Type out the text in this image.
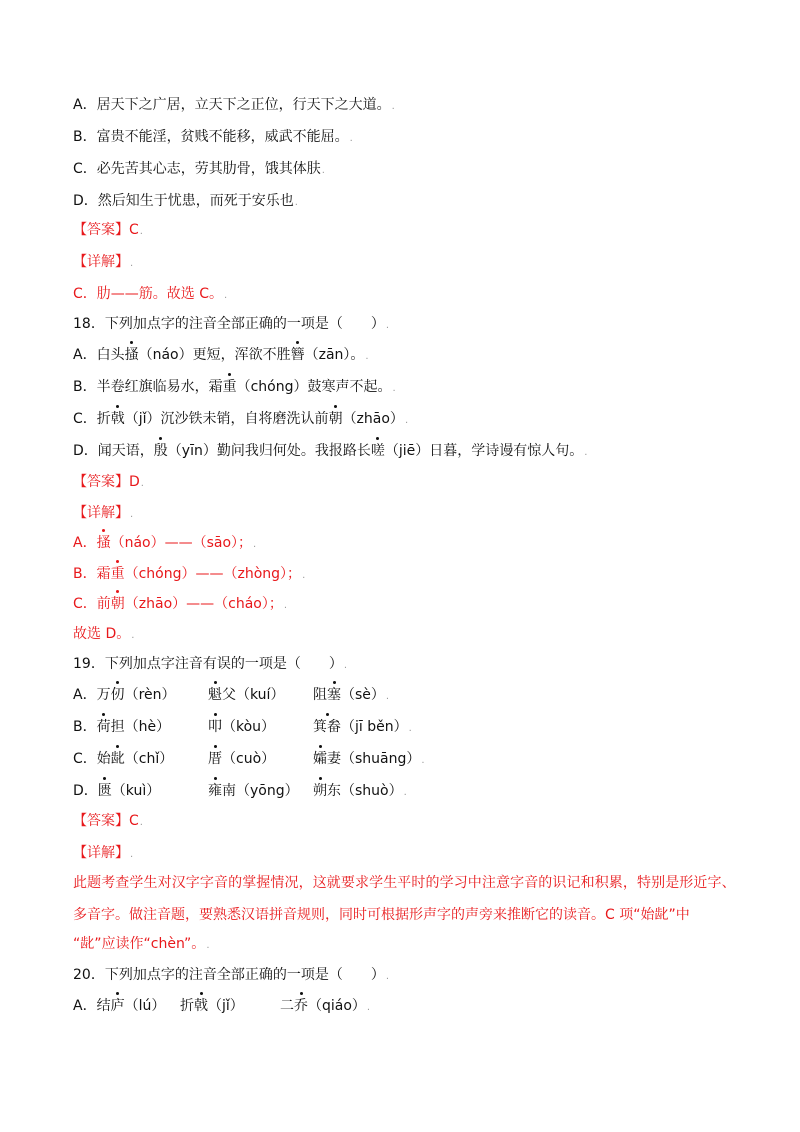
A．居天下之广居，立天下之正位，行天下之大道。.
B．富贵不能淫，贫贱不能移，威武不能屈。.
C．必先苦其心志，劳其肋骨，饿其体肤.
D．然后知生于忧患，而死于安乐也.
【答案】C.
【详解】.
C．肋——筋。故选 C。.
18．下列加点字的注音全部正确的一项是（　　）.
A．白头搔（náo）更短，浑欲不胜簪（zān）。.
B．半卷红旗临易水，霜重（chóng）鼓寒声不起。.
C．折戟（jǐ）沉沙铁未销，自将磨洗认前朝（zhāo）.
D．闻天语，殷（yīn）勤问我归何处。我报路长嗟（jiē）日暮，学诗谩有惊人句。.
【答案】D.
【详解】.
A．搔（náo）——（sāo）；.
B．霜重（chóng）——（zhòng）；.
C．前朝（zhāo）——（cháo）；.
故选 D。.
19．下列加点字注音有误的一项是（　　）.
A．万仞（rèn） 魁父（kuí） 阻塞（sè）.
B．荷担（hè）	叩（kòu）	箕畚（jī běn）.
C．始龀（chǐ） 厝（cuò）	孀妻（shuāng）.
D．匮（kuì）	雍南（yōng） 朔东（shuò）.
【答案】C.
【详解】.
此题考查学生对汉字字音的掌握情况，这就要求学生平时的学习中注意字音的识记和积累，特别是形近字、
多音字。做注音题，要熟悉汉语拼音规则，同时可根据形声字的声旁来推断它的读音。C 项“始龀”中
“龀”应读作“chèn”。.
20．下列加点字的注音全部正确的一项是（　　）.
A．结庐（lú） 折戟（jǐ）	二乔（qiáo）.
